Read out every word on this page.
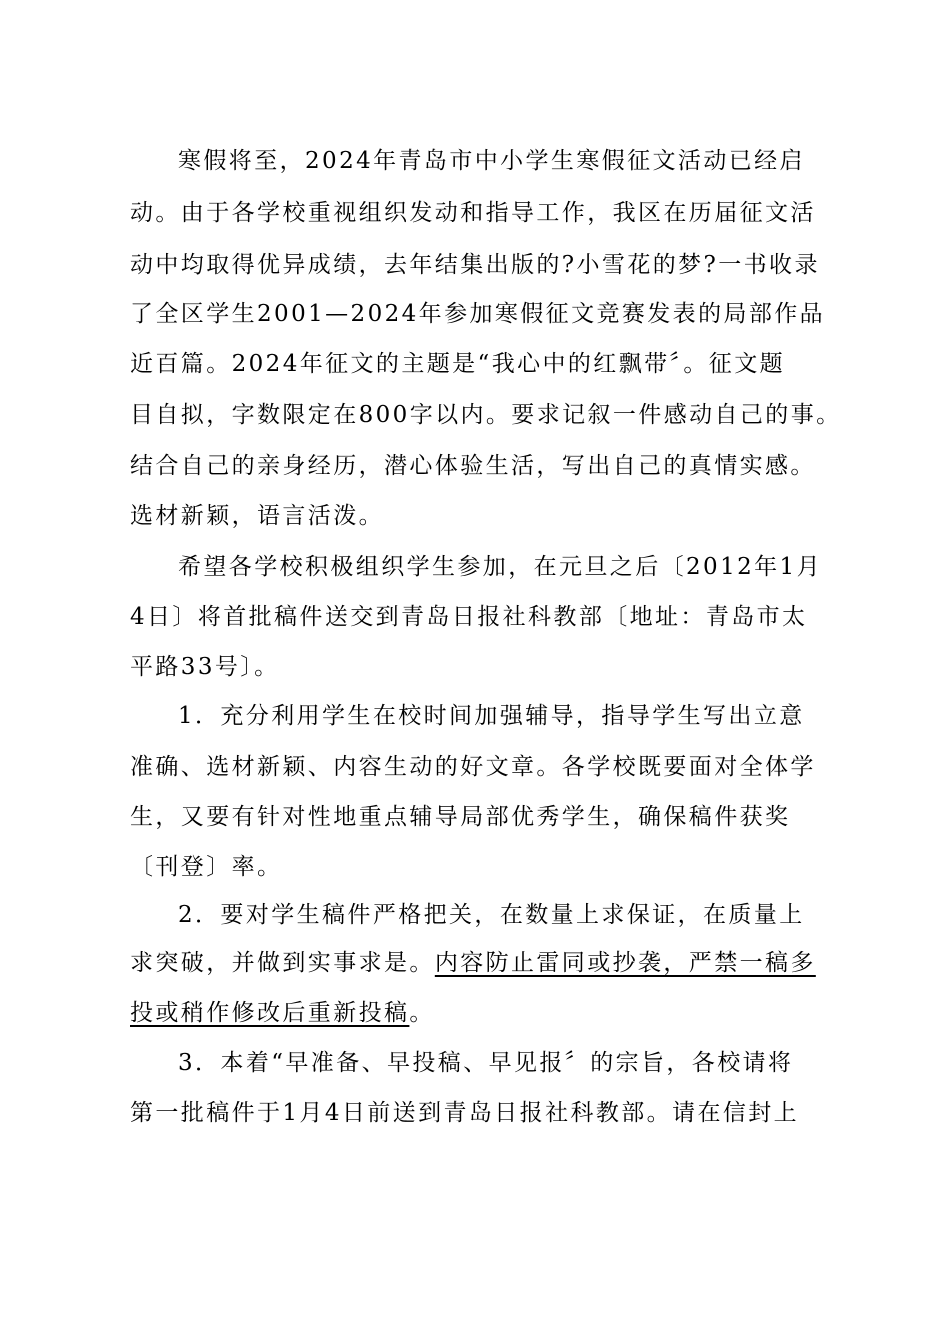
寒假将至，2024年青岛市中小学生寒假征文活动已经启
动。由于各学校重视组织发动和指导工作，我区在历届征文活
动中均取得优异成绩，去年结集出版的?小雪花的梦?一书收录
了全区学生2001—2024年参加寒假征文竞赛发表的局部作品
近百篇。2024年征文的主题是“我心中的红飘带〞。征文题
目自拟，字数限定在800字以内。要求记叙一件感动自己的事。
结合自己的亲身经历，潜心体验生活，写出自己的真情实感。
选材新颖，语言活泼。
希望各学校积极组织学生参加，在元旦之后〔2012年1月
4日〕将首批稿件送交到青岛日报社科教部〔地址：青岛市太
平路33号〕。
1．充分利用学生在校时间加强辅导，指导学生写出立意
准确、选材新颖、内容生动的好文章。各学校既要面对全体学
生，又要有针对性地重点辅导局部优秀学生，确保稿件获奖
〔刊登〕率。
2．要对学生稿件严格把关，在数量上求保证，在质量上
求突破，并做到实事求是。内容防止雷同或抄袭，严禁一稿多
投或稍作修改后重新投稿。
3．本着“早准备、早投稿、早见报〞的宗旨，各校请将
第一批稿件于1月4日前送到青岛日报社科教部。请在信封上
